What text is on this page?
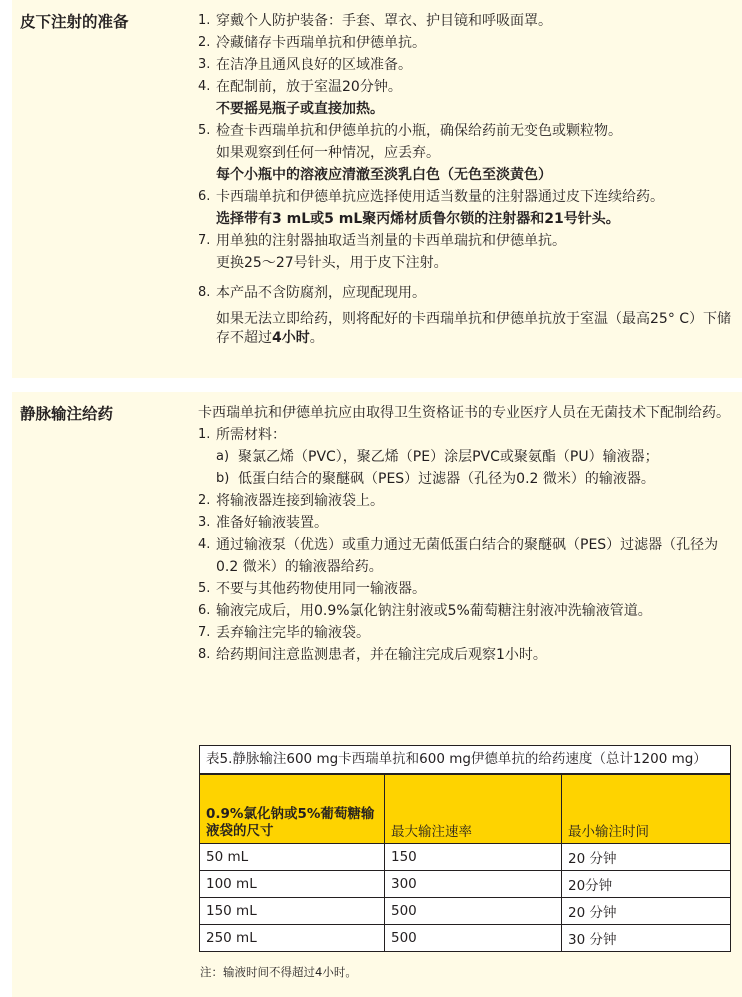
皮下注射的准备	1. 穿戴个人防护装备：手套、罩衣、护目镜和呼吸面罩。
2. 冷藏储存卡西瑞单抗和伊德单抗。
3. 在洁净且通风良好的区域准备。
4. 在配制前，放于室温20分钟。
不要摇晃瓶子或直接加热。
5. 检查卡西瑞单抗和伊德单抗的小瓶，确保给药前无变色或颗粒物。
如果观察到任何一种情况，应丢弃。
每个小瓶中的溶液应清澈至淡乳白色（无色至淡黄色）
6. 卡西瑞单抗和伊德单抗应选择使用适当数量的注射器通过皮下连续给药。
选择带有3 mL或5 mL聚丙烯材质鲁尔锁的注射器和21号针头。
7. 用单独的注射器抽取适当剂量的卡西单瑞抗和伊德单抗。
更换25～27号针头，用于皮下注射。
8. 本产品不含防腐剂，应现配现用。
如果无法立即给药，则将配好的卡西瑞单抗和伊德单抗放于室温（最高25° C）下储存不超过4小时。
静脉输注给药	卡西瑞单抗和伊德单抗应由取得卫生资格证书的专业医疗人员在无菌技术下配制给药。
1. 所需材料：
a) 聚氯乙烯（PVC），聚乙烯（PE）涂层PVC或聚氨酯（PU）输液器；
b) 低蛋白结合的聚醚砜（PES）过滤器（孔径为0.2 微米）的输液器。
2. 将输液器连接到输液袋上。
3. 准备好输液装置。
4. 通过输液泵（优选）或重力通过无菌低蛋白结合的聚醚砜（PES）过滤器（孔径为0.2 微米）的输液器给药。
5. 不要与其他药物使用同一输液器。
6. 输液完成后，用0.9%氯化钠注射液或5%葡萄糖注射液冲洗输液管道。
7. 丢弃输注完毕的输液袋。
8. 给药期间注意监测患者，并在输注完成后观察1小时。
表5.静脉输注600 mg卡西瑞单抗和600 mg伊德单抗的给药速度（总计1200 mg）
0.9%氯化钠或5%葡萄糖输液袋的尺寸	最大输注速率	最小输注时间
50 mL	150	20 分钟
100 mL	300	20分钟
150 mL	500	20 分钟
250 mL	500	30 分钟
注：输液时间不得超过4小时。
